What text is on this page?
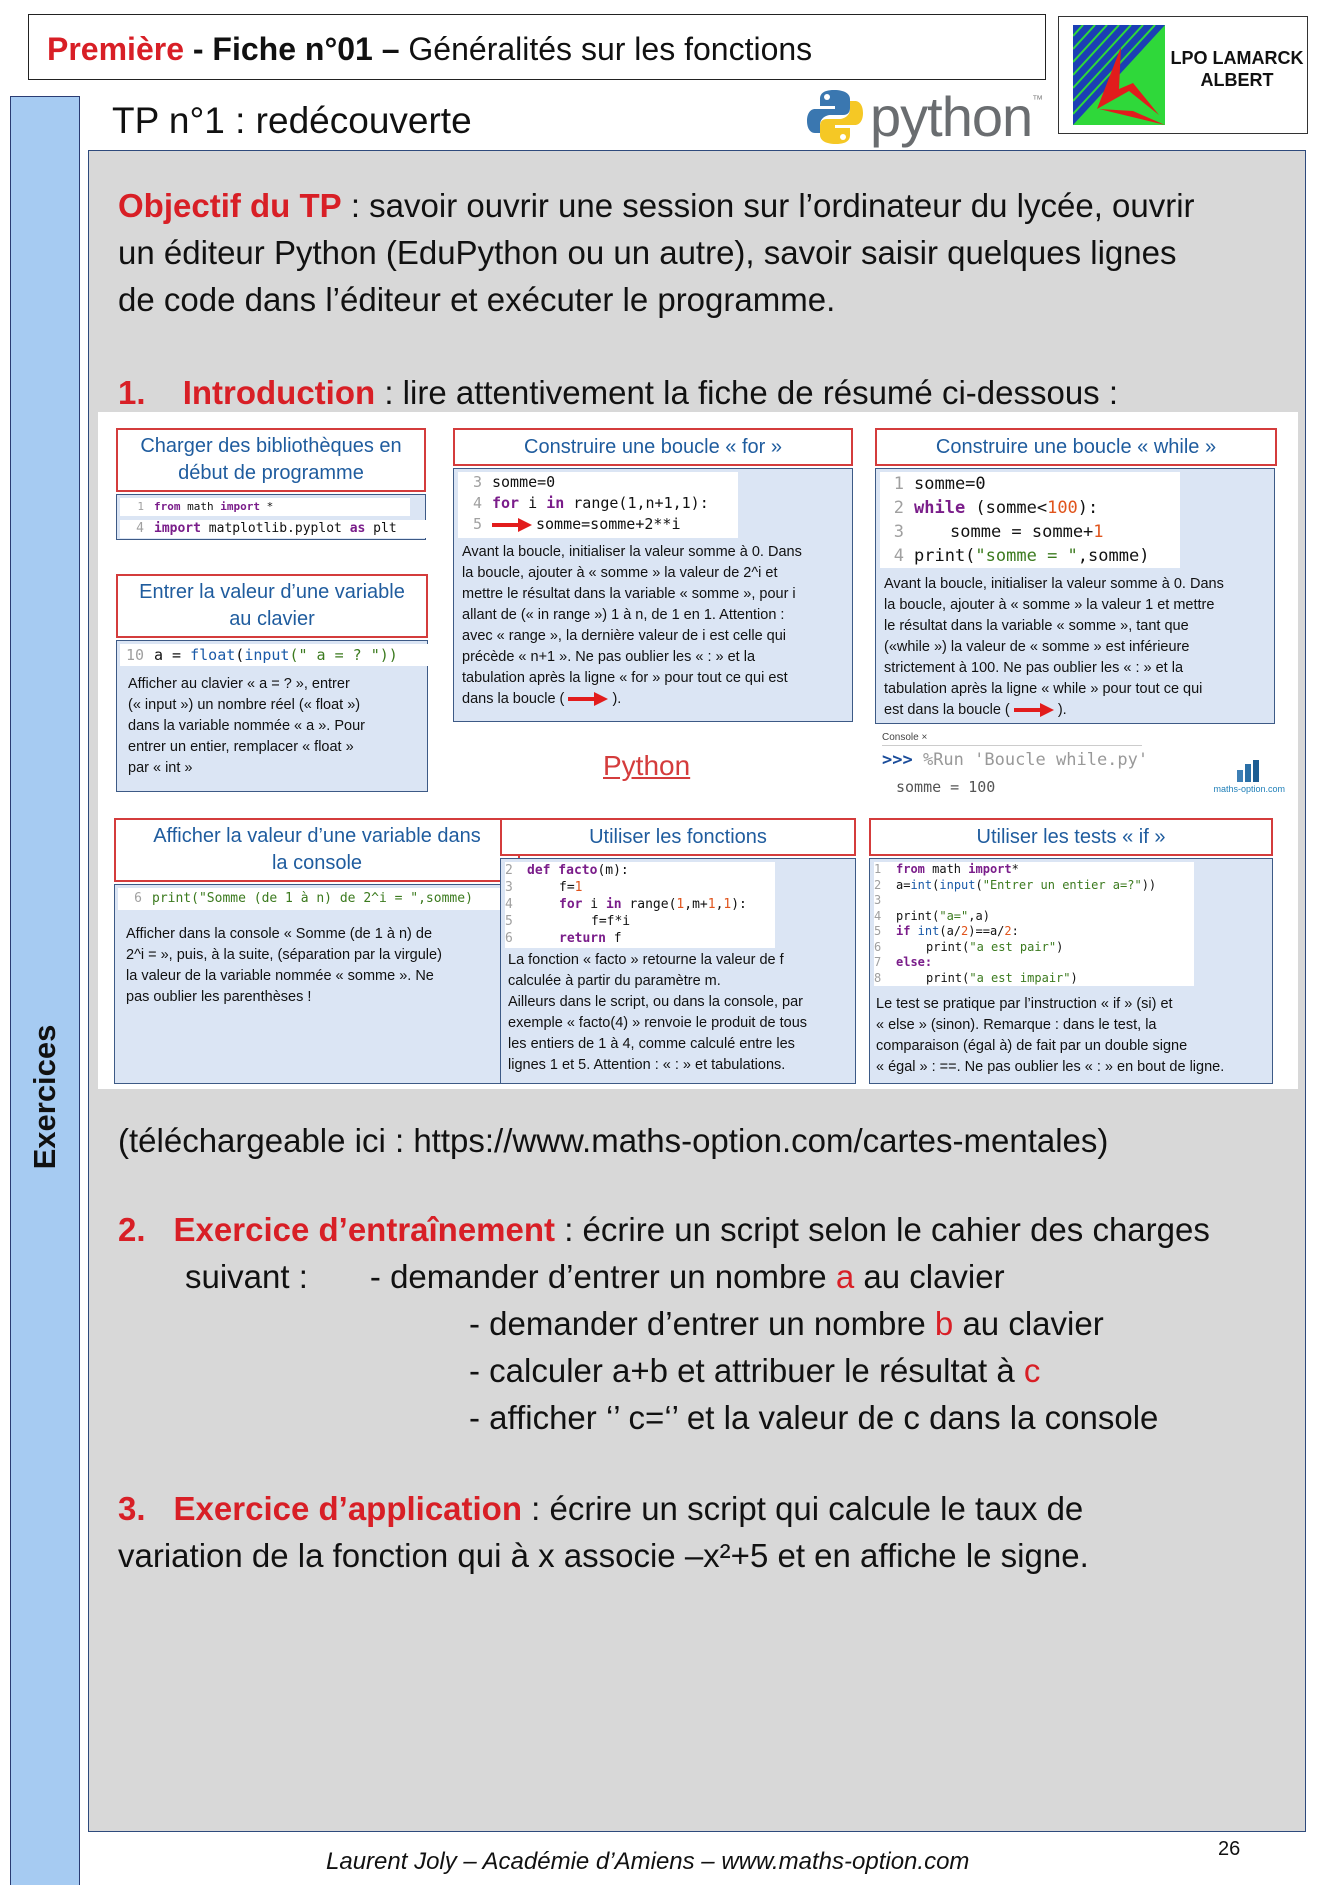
Première - Fiche n°01 – Généralités sur les fonctions	LPO LAMARCK
ALBERT
Exercices
TP n°1 : redécouverte	python ™
Objectif du TP : savoir ouvrir une session sur l’ordinateur du lycée, ouvrir
un éditeur Python (EduPython ou un autre), savoir saisir quelques lignes
de code dans l’éditeur et exécuter le programme.
1. Introduction : lire attentivement la fiche de résumé ci-dessous :
Charger des bibliothèques en
début de programme
1 from math import *
4 import matplotlib.pyplot as plt
Entrer la valeur d’une variable
au clavier
10 a = float(input(" a = ? "))
Afficher au clavier « a = ? », entrer
(« input ») un nombre réel (« float »)
dans la variable nommée « a ». Pour
entrer un entier, remplacer « float »
par « int »
Construire une boucle « for »
3 somme=0
4 for i in range(1,n+1,1):
5	somme=somme+2**i
Avant la boucle, initialiser la valeur somme à 0. Dans
la boucle, ajouter à « somme » la valeur de 2^i et
mettre le résultat dans la variable « somme », pour i
allant de (« in range ») 1 à n, de 1 en 1. Attention :
avec « range », la dernière valeur de i est celle qui
précède « n+1 ». Ne pas oublier les « : » et la
tabulation après la ligne « for » pour tout ce qui est
dans la boucle (	).
Construire une boucle « while »
1 somme=0
2 while (somme<100):
3	somme = somme+1
4 print("somme = ",somme)
Avant la boucle, initialiser la valeur somme à 0. Dans
la boucle, ajouter à « somme » la valeur 1 et mettre
le résultat dans la variable « somme », tant que
(«while ») la valeur de « somme » est inférieure
strictement à 100. Ne pas oublier les « : » et la
tabulation après la ligne « while » pour tout ce qui
est dans la boucle (	).
Python
Console ×
>>> %Run 'Boucle while.py'
somme = 100	maths-option.com
Afficher la valeur d’une variable dans
la console
6 print("Somme (de 1 à n) de 2^i = ",somme)
Afficher dans la console « Somme (de 1 à n) de
2^i = », puis, à la suite, (séparation par la virgule)
la valeur de la variable nommée « somme ». Ne
pas oublier les parenthèses !
Utiliser les fonctions
2 def facto(m):
3	f=1
4	for i in range(1,m+1,1):
5	f=f*i
6	return f
La fonction « facto » retourne la valeur de f
calculée à partir du paramètre m.
Ailleurs dans le script, ou dans la console, par
exemple « facto(4) » renvoie le produit de tous
les entiers de 1 à 4, comme calculé entre les
lignes 1 et 5. Attention : « : » et tabulations.
Utiliser les tests « if »
1 from math import*
2 a=int(input("Entrer un entier a=?"))
3
4 print("a=",a)
5 if int(a/2)==a/2:
6	print("a est pair")
7 else:
8	print("a est impair")
Le test se pratique par l’instruction « if » (si) et
« else » (sinon). Remarque : dans le test, la
comparaison (égal à) de fait par un double signe
« égal » : ==. Ne pas oublier les « : » en bout de ligne.
(téléchargeable ici : https://www.maths-option.com/cartes-mentales)
2. Exercice d’entraînement : écrire un script selon le cahier des charges
suivant : - demander d’entrer un nombre a au clavier
- demander d’entrer un nombre b au clavier
- calculer a+b et attribuer le résultat à c
- afficher ‘’ c=‘’ et la valeur de c dans la console
3. Exercice d’application : écrire un script qui calcule le taux de
variation de la fonction qui à x associe –x²+5 et en affiche le signe.
Laurent Joly – Académie d’Amiens – www.maths-option.com	26
